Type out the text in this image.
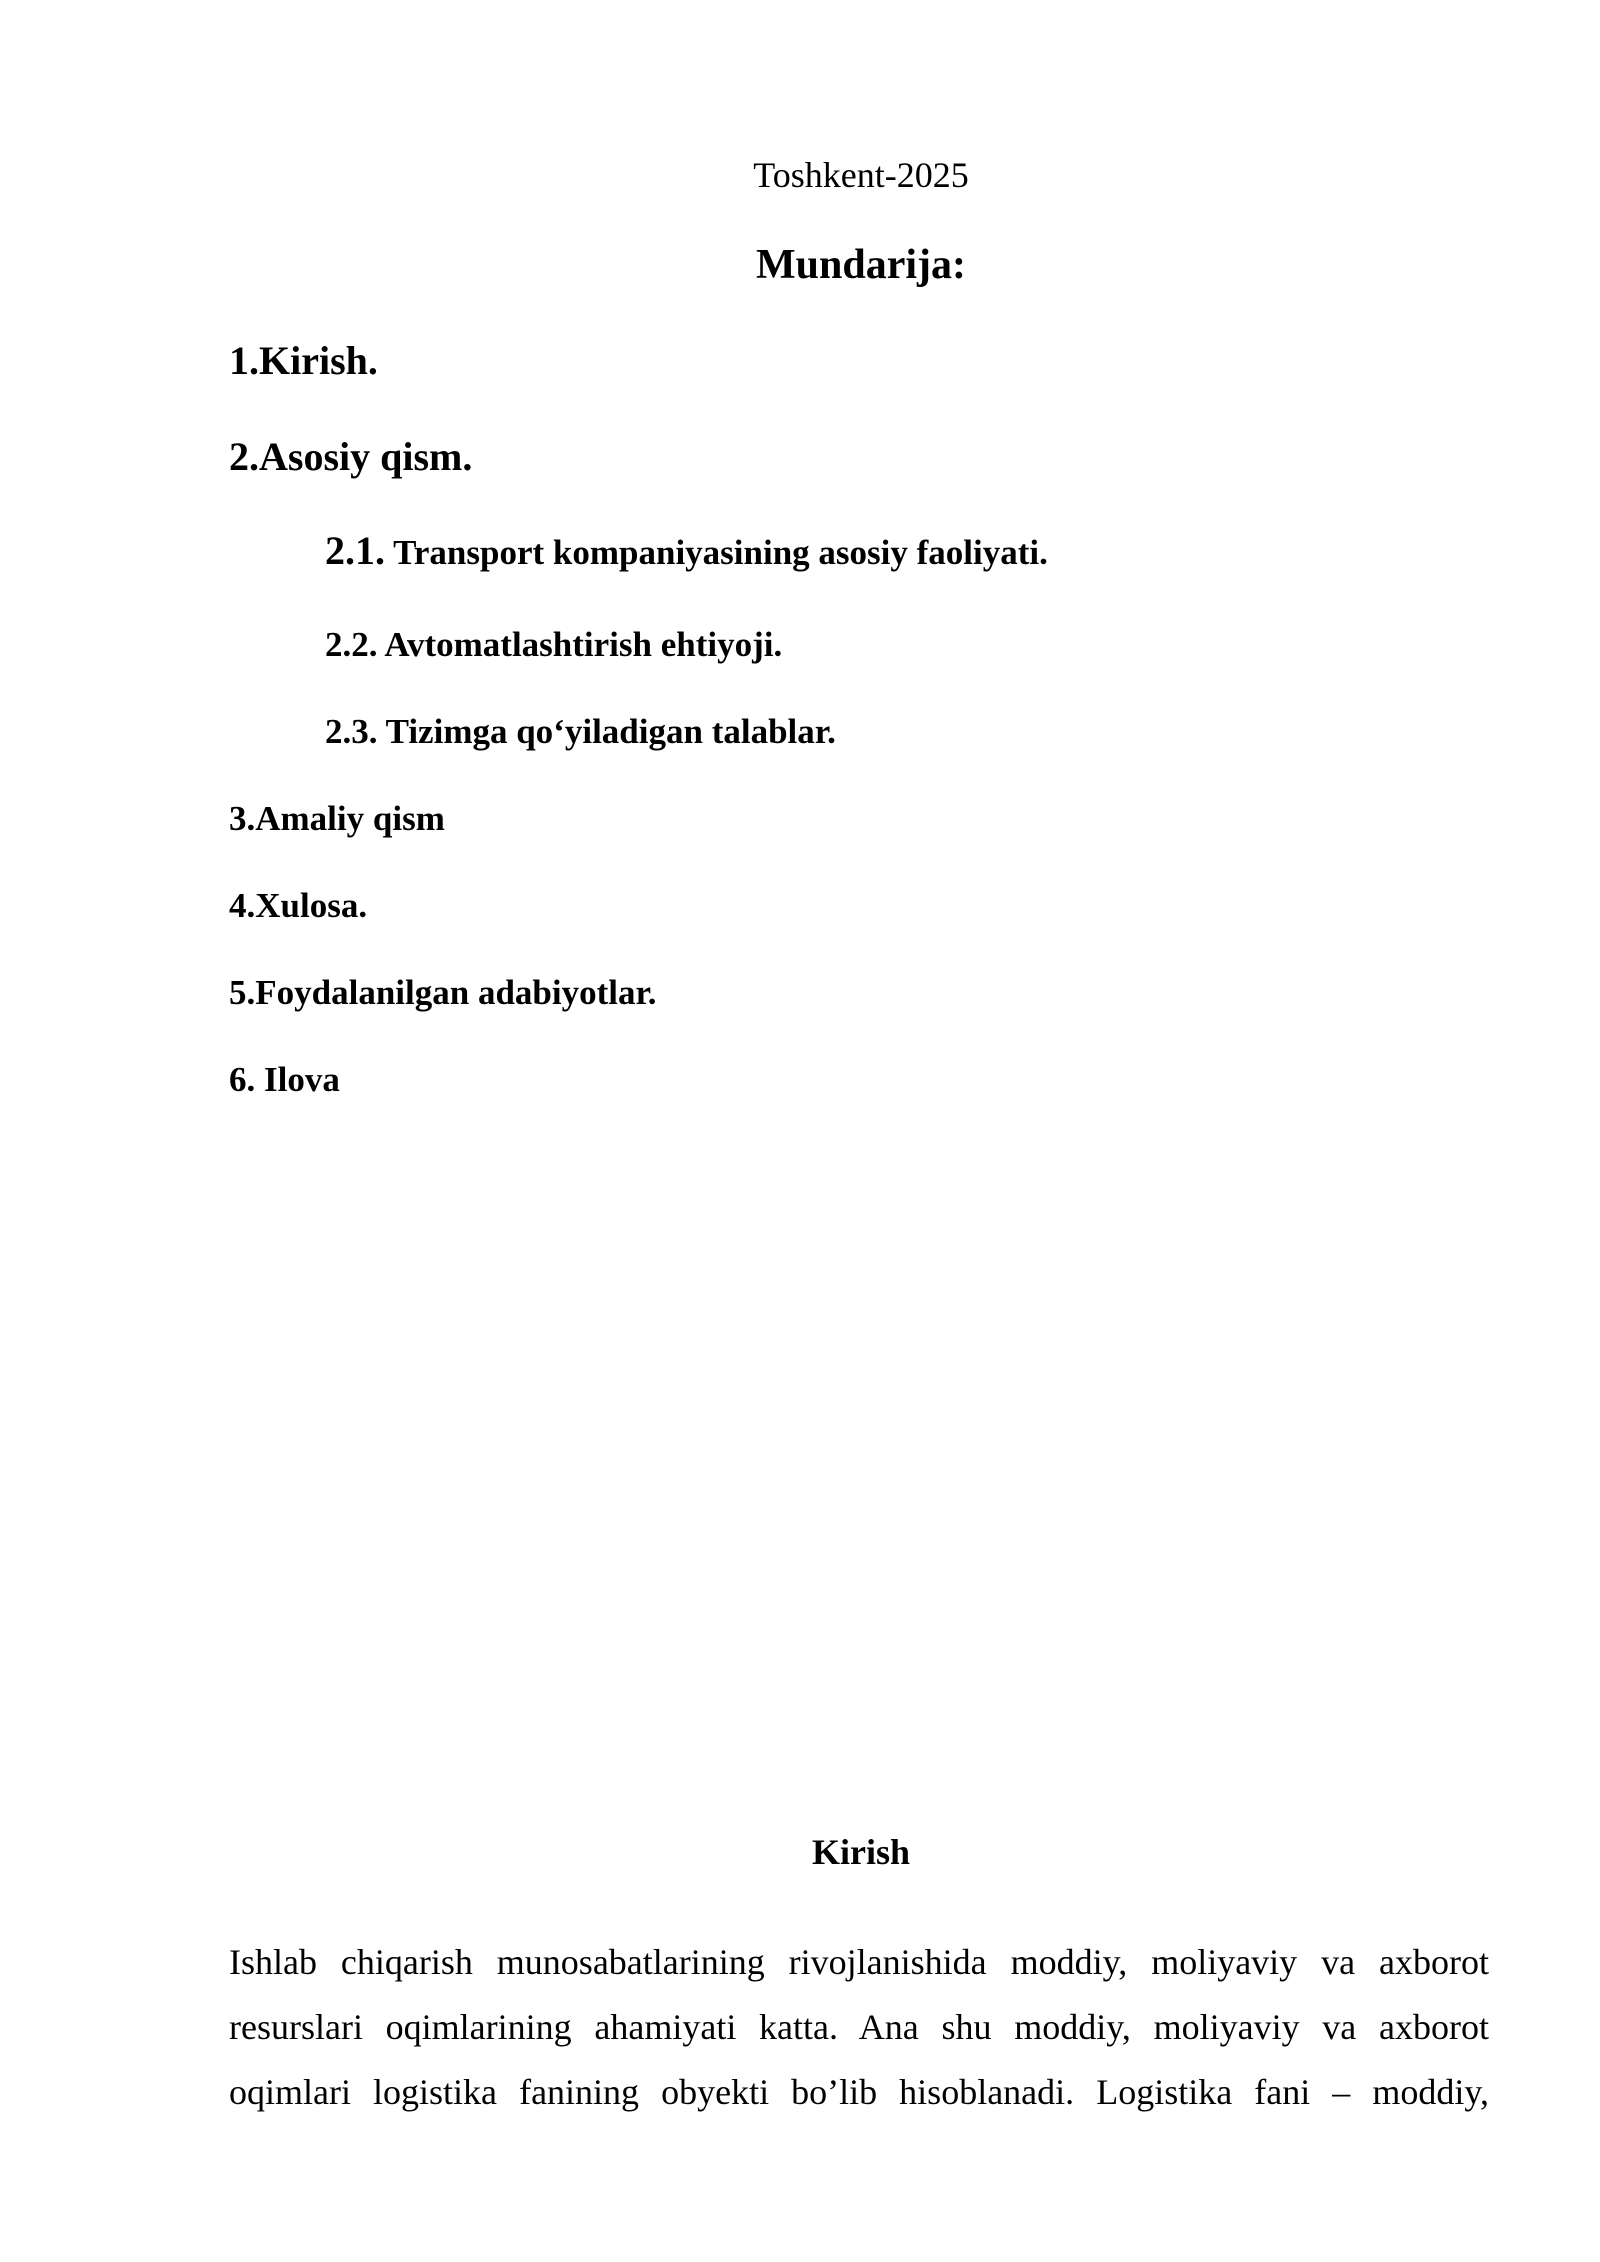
Toshkent-2025
Mundarija:
1.Kirish.
2.Asosiy qism.
2.1. Transport kompaniyasining asosiy faoliyati.
2.2. Avtomatlashtirish ehtiyoji.
2.3. Tizimga qo‘yiladigan talablar.
3.Amaliy qism
4.Xulosa.
5.Foydalanilgan adabiyotlar.
6. Ilova
Kirish
Ishlab chiqarish munosabatlarining rivojlanishida moddiy, moliyaviy va axborot resurslari oqimlarining ahamiyati katta. Ana shu moddiy, moliyaviy va axborot oqimlari logistika fanining obyekti bo’lib hisoblanadi. Logistika fani – moddiy,
